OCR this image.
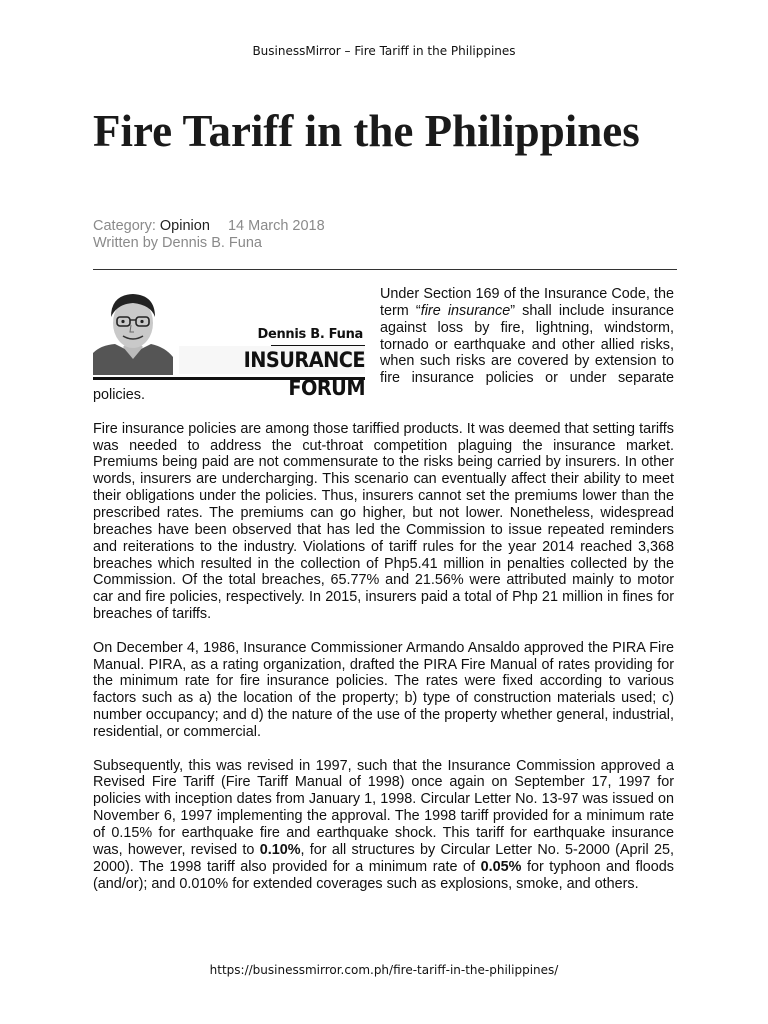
BusinessMirror – Fire Tariff in the Philippines
Fire Tariff in the Philippines
Category: Opinion 14 March 2018
Written by Dennis B. Funa
Dennis B. Funa
INSURANCE FORUM

Under Section 169 of the Insurance Code, the term “fire insurance” shall include insurance against loss by fire, lightning, windstorm, tornado or earthquake and other allied risks, when such risks are covered by extension to fire insurance policies or under separate policies.

Fire insurance policies are among those tariffied products. It was deemed that setting tariffs was needed to address the cut-throat competition plaguing the insurance market. Premiums being paid are not commensurate to the risks being carried by insurers. In other words, insurers are undercharging. This scenario can eventually affect their ability to meet their obligations under the policies. Thus, insurers cannot set the premiums lower than the prescribed rates. The premiums can go higher, but not lower. Nonetheless, widespread breaches have been observed that has led the Commission to issue repeated reminders and reiterations to the industry. Violations of tariff rules for the year 2014 reached 3,368 breaches which resulted in the collection of Php5.41 million in penalties collected by the Commission. Of the total breaches, 65.77% and 21.56% were attributed mainly to motor car and fire policies, respectively. In 2015, insurers paid a total of Php 21 million in fines for breaches of tariffs.

On December 4, 1986, Insurance Commissioner Armando Ansaldo approved the PIRA Fire Manual. PIRA, as a rating organization, drafted the PIRA Fire Manual of rates providing for the minimum rate for fire insurance policies. The rates were fixed according to various factors such as a) the location of the property; b) type of construction materials used; c) number occupancy; and d) the nature of the use of the property whether general, industrial, residential, or commercial.

Subsequently, this was revised in 1997, such that the Insurance Commission approved a Revised Fire Tariff (Fire Tariff Manual of 1998) once again on September 17, 1997 for policies with inception dates from January 1, 1998. Circular Letter No. 13-97 was issued on November 6, 1997 implementing the approval. The 1998 tariff provided for a minimum rate of 0.15% for earthquake fire and earthquake shock. This tariff for earthquake insurance was, however, revised to 0.10%, for all structures by Circular Letter No. 5-2000 (April 25, 2000). The 1998 tariff also provided for a minimum rate of 0.05% for typhoon and floods (and/or); and 0.010% for extended coverages such as explosions, smoke, and others.

https://businessmirror.com.ph/fire-tariff-in-the-philippines/
